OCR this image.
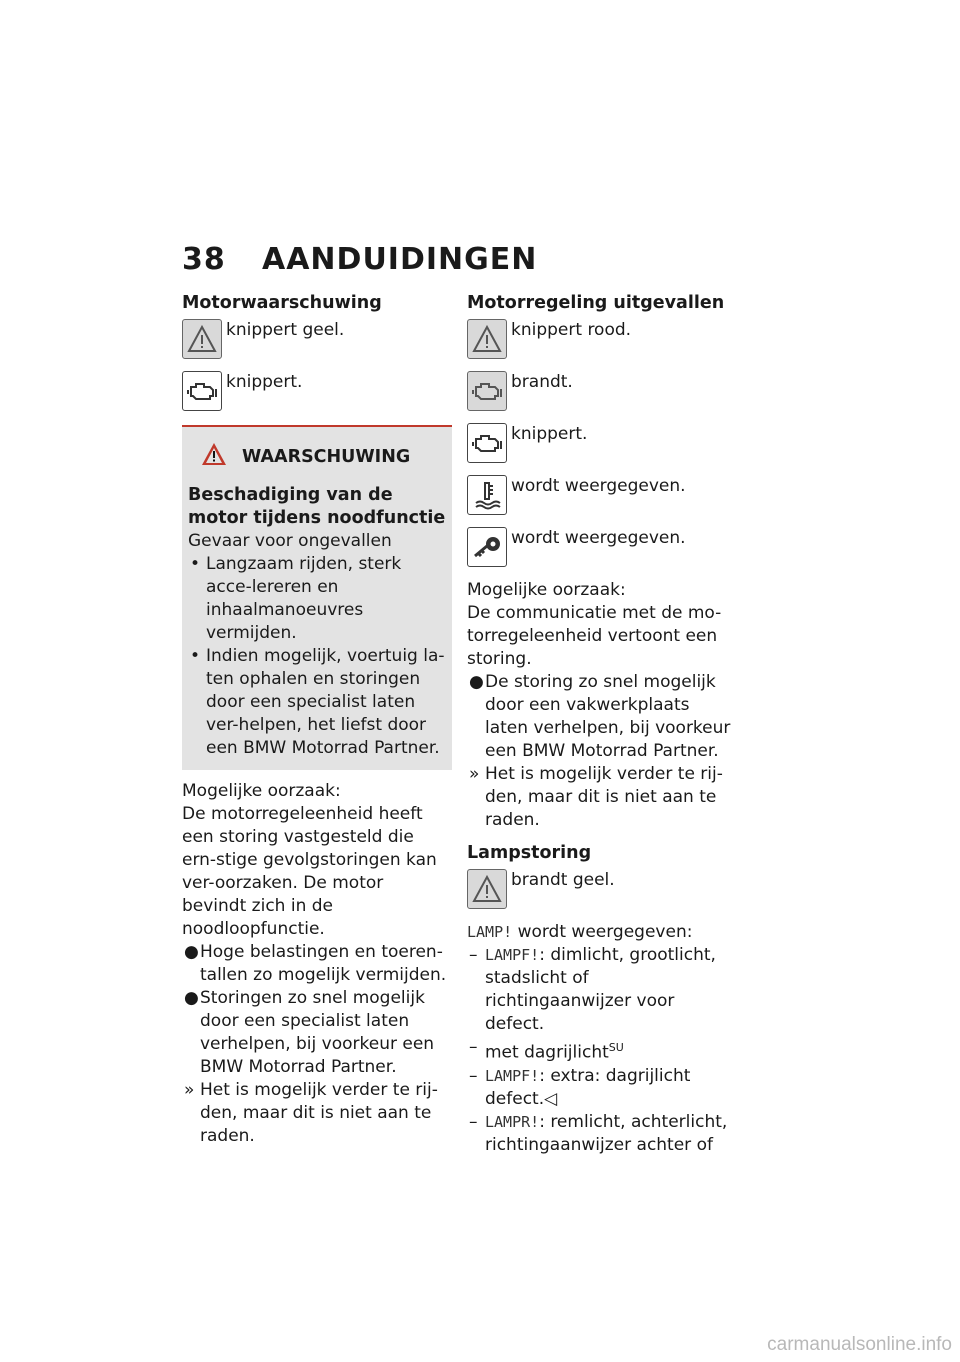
38 AANDUIDINGEN
Motorwaarschuwing

knippert geel.

knippert.

WAARSCHUWING

Beschadiging van de motor tijdens noodfunctie

Gevaar voor ongevallen

• Langzaam rijden, sterk acce-lereren en inhaalmanoeuvres vermijden.
• Indien mogelijk, voertuig la-ten ophalen en storingen door een specialist laten ver-helpen, het liefst door een BMW Motorrad Partner.

Mogelijke oorzaak:

De motorregeleenheid heeft een storing vastgesteld die ern-stige gevolgstoringen kan ver-oorzaken. De motor bevindt zich in de noodloopfunctie.

● Hoge belastingen en toeren-tallen zo mogelijk vermijden.
● Storingen zo snel mogelijk door een specialist laten verhelpen, bij voorkeur een BMW Motorrad Partner.
» Het is mogelijk verder te rij-den, maar dit is niet aan te raden.
Motorregeling uitgevallen

knippert rood.

brandt.

knippert.

wordt weergegeven.

wordt weergegeven.

Mogelijke oorzaak:

De communicatie met de mo-torregeleenheid vertoont een storing.

● De storing zo snel mogelijk door een vakwerkplaats laten verhelpen, bij voorkeur een BMW Motorrad Partner.
» Het is mogelijk verder te rij-den, maar dit is niet aan te raden.
Lampstoring

brandt geel.

LAMP! wordt weergegeven:

– LAMPF!: dimlicht, grootlicht, stadslicht of richtingaanwijzer voor defect.
– met dagrijlicht$^{SU}$
– LAMPF!: extra: dagrijlicht defect.◁
– LAMPR!: remlicht, achterlicht, richtingaanwijzer achter of
carmanualsonline.info
